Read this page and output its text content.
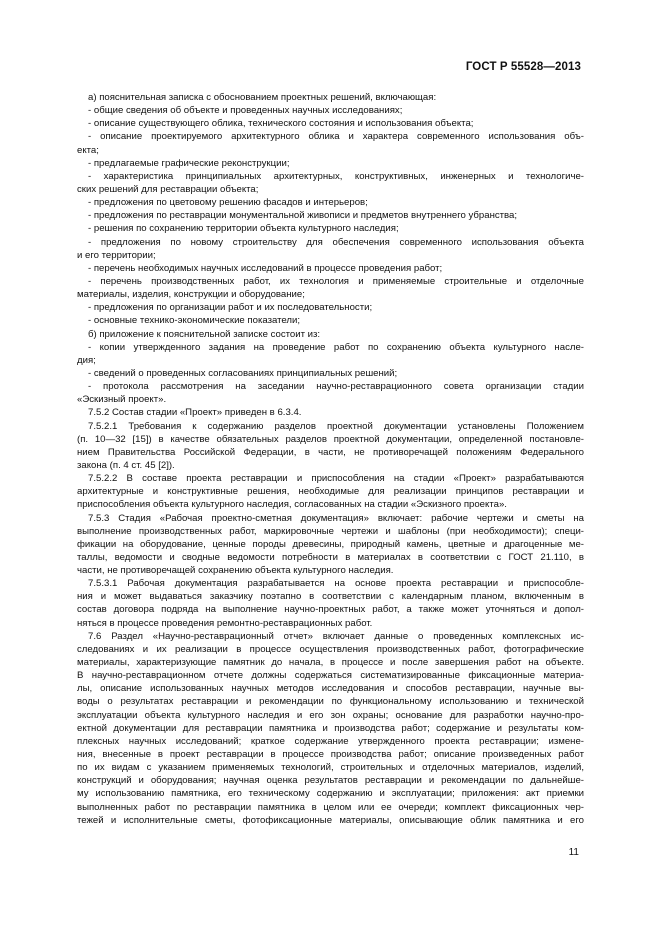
ГОСТ Р 55528—2013
а) пояснительная записка с обоснованием проектных решений, включающая:
- общие сведения об объекте и проведенных научных исследованиях;
- описание существующего облика, технического состояния и использования объекта;
- описание проектируемого архитектурного облика и характера современного использования объ-
екта;
- предлагаемые графические реконструкции;
- характеристика принципиальных архитектурных, конструктивных, инженерных и технологиче-
ских решений для реставрации объекта;
- предложения по цветовому решению фасадов и интерьеров;
- предложения по реставрации монументальной живописи и предметов внутреннего убранства;
- решения по сохранению территории объекта культурного наследия;
- предложения по новому строительству для обеспечения современного использования объекта
и его территории;
- перечень необходимых научных исследований в процессе проведения работ;
- перечень производственных работ, их технология и применяемые строительные и отделочные
материалы, изделия, конструкции и оборудование;
- предложения по организации работ и их последовательности;
- основные технико-экономические показатели;
б) приложение к пояснительной записке состоит из:
- копии утвержденного задания на проведение работ по сохранению объекта культурного насле-
дия;
- сведений о проведенных согласованиях принципиальных решений;
- протокола рассмотрения на заседании научно-реставрационного совета организации стадии
«Эскизный проект».
7.5.2 Состав стадии «Проект» приведен в 6.3.4.
7.5.2.1 Требования к содержанию разделов проектной документации установлены Положением
(п. 10—32 [15]) в качестве обязательных разделов проектной документации, определенной постановле-
нием Правительства Российской Федерации, в части, не противоречащей положениям Федерального
закона (п. 4 ст. 45 [2]).
7.5.2.2 В составе проекта реставрации и приспособления на стадии «Проект» разрабатываются
архитектурные и конструктивные решения, необходимые для реализации принципов реставрации и
приспособления объекта культурного наследия, согласованных на стадии «Эскизного проекта».
7.5.3 Стадия «Рабочая проектно-сметная документация» включает: рабочие чертежи и сметы на
выполнение производственных работ, маркировочные чертежи и шаблоны (при необходимости); специ-
фикации на оборудование, ценные породы древесины, природный камень, цветные и драгоценные ме-
таллы, ведомости и сводные ведомости потребности в материалах в соответствии с ГОСТ 21.110, в
части, не противоречащей сохранению объекта культурного наследия.
7.5.3.1 Рабочая документация разрабатывается на основе проекта реставрации и приспособле-
ния и может выдаваться заказчику поэтапно в соответствии с календарным планом, включенным в
состав договора подряда на выполнение научно-проектных работ, а также может уточняться и допол-
няться в процессе проведения ремонтно-реставрационных работ.
7.6 Раздел «Научно-реставрационный отчет» включает данные о проведенных комплексных ис-
следованиях и их реализации в процессе осуществления производственных работ, фотографические
материалы, характеризующие памятник до начала, в процессе и после завершения работ на объекте.
В научно-реставрационном отчете должны содержаться систематизированные фиксационные материа-
лы, описание использованных научных методов исследования и способов реставрации, научные вы-
воды о результатах реставрации и рекомендации по функциональному использованию и технической
эксплуатации объекта культурного наследия и его зон охраны; основание для разработки научно-про-
ектной документации для реставрации памятника и производства работ; содержание и результаты ком-
плексных научных исследований; краткое содержание утвержденного проекта реставрации; измене-
ния, внесенные в проект реставрации в процессе производства работ; описание произведенных работ
по их видам с указанием применяемых технологий, строительных и отделочных материалов, изделий,
конструкций и оборудования; научная оценка результатов реставрации и рекомендации по дальнейше-
му использованию памятника, его техническому содержанию и эксплуатации; приложения: акт приемки
выполненных работ по реставрации памятника в целом или ее очереди; комплект фиксационных чер-
тежей и исполнительные сметы, фотофиксационные материалы, описывающие облик памятника и его
11
